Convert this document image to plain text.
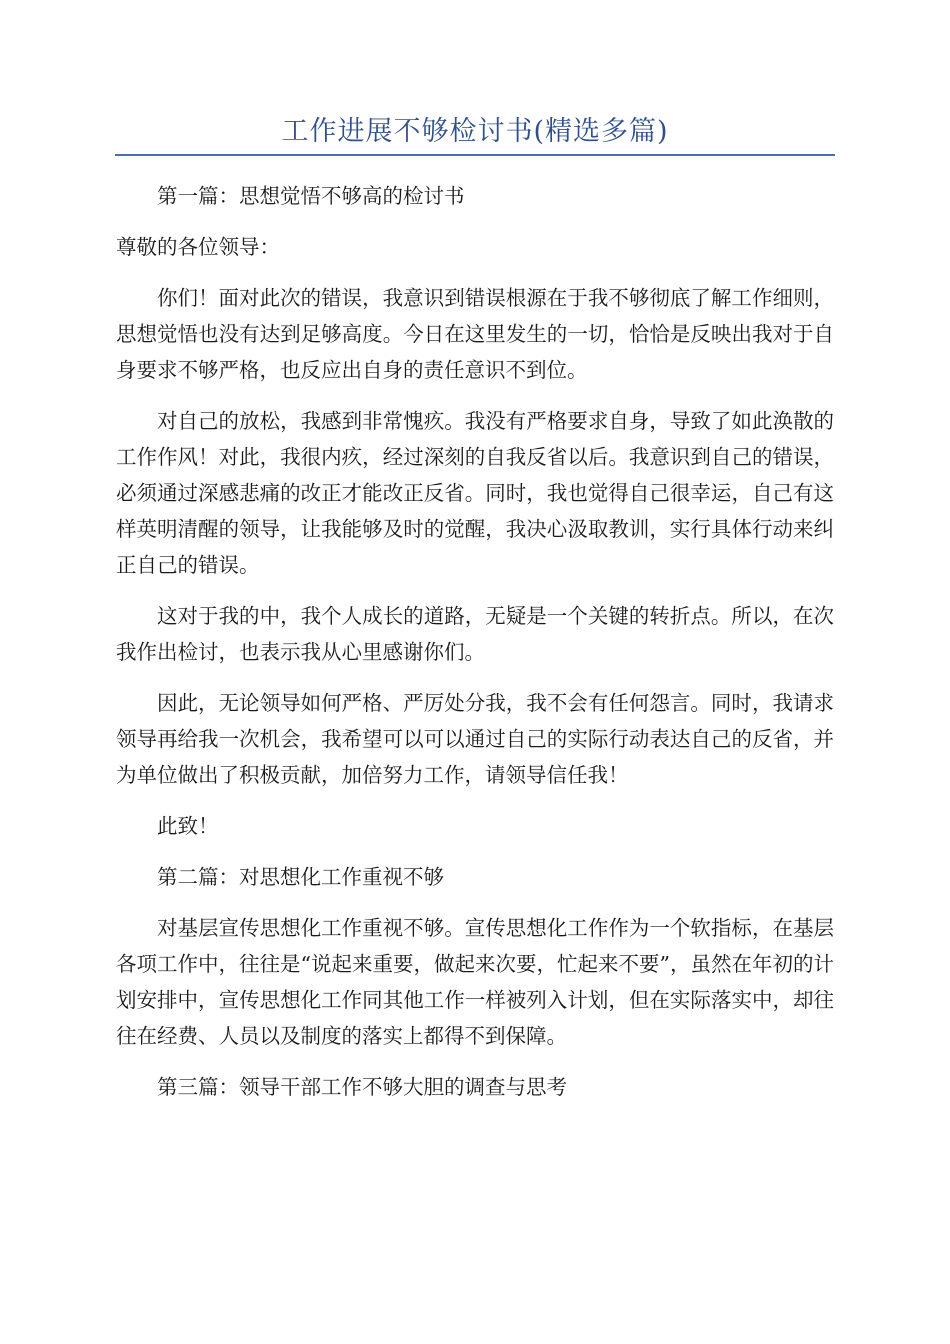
工作进展不够检讨书(精选多篇)

第一篇：思想觉悟不够高的检讨书

尊敬的各位领导：

你们！面对此次的错误，我意识到错误根源在于我不够彻底了解工作细则，思想觉悟也没有达到足够高度。今日在这里发生的一切，恰恰是反映出我对于自身要求不够严格，也反应出自身的责任意识不到位。

对自己的放松，我感到非常愧疚。我没有严格要求自身，导致了如此涣散的工作作风！对此，我很内疚，经过深刻的自我反省以后。我意识到自己的错误，必须通过深感悲痛的改正才能改正反省。同时，我也觉得自己很幸运，自己有这样英明清醒的领导，让我能够及时的觉醒，我决心汲取教训，实行具体行动来纠正自己的错误。

这对于我的中，我个人成长的道路，无疑是一个关键的转折点。所以，在次我作出检讨，也表示我从心里感谢你们。

因此，无论领导如何严格、严厉处分我，我不会有任何怨言。同时，我请求领导再给我一次机会，我希望可以可以通过自己的实际行动表达自己的反省，并为单位做出了积极贡献，加倍努力工作，请领导信任我！

此致！

第二篇：对思想化工作重视不够

对基层宣传思想化工作重视不够。宣传思想化工作作为一个软指标，在基层各项工作中，往往是“说起来重要，做起来次要，忙起来不要”，虽然在年初的计划安排中，宣传思想化工作同其他工作一样被列入计划，但在实际落实中，却往往在经费、人员以及制度的落实上都得不到保障。

第三篇：领导干部工作不够大胆的调查与思考
